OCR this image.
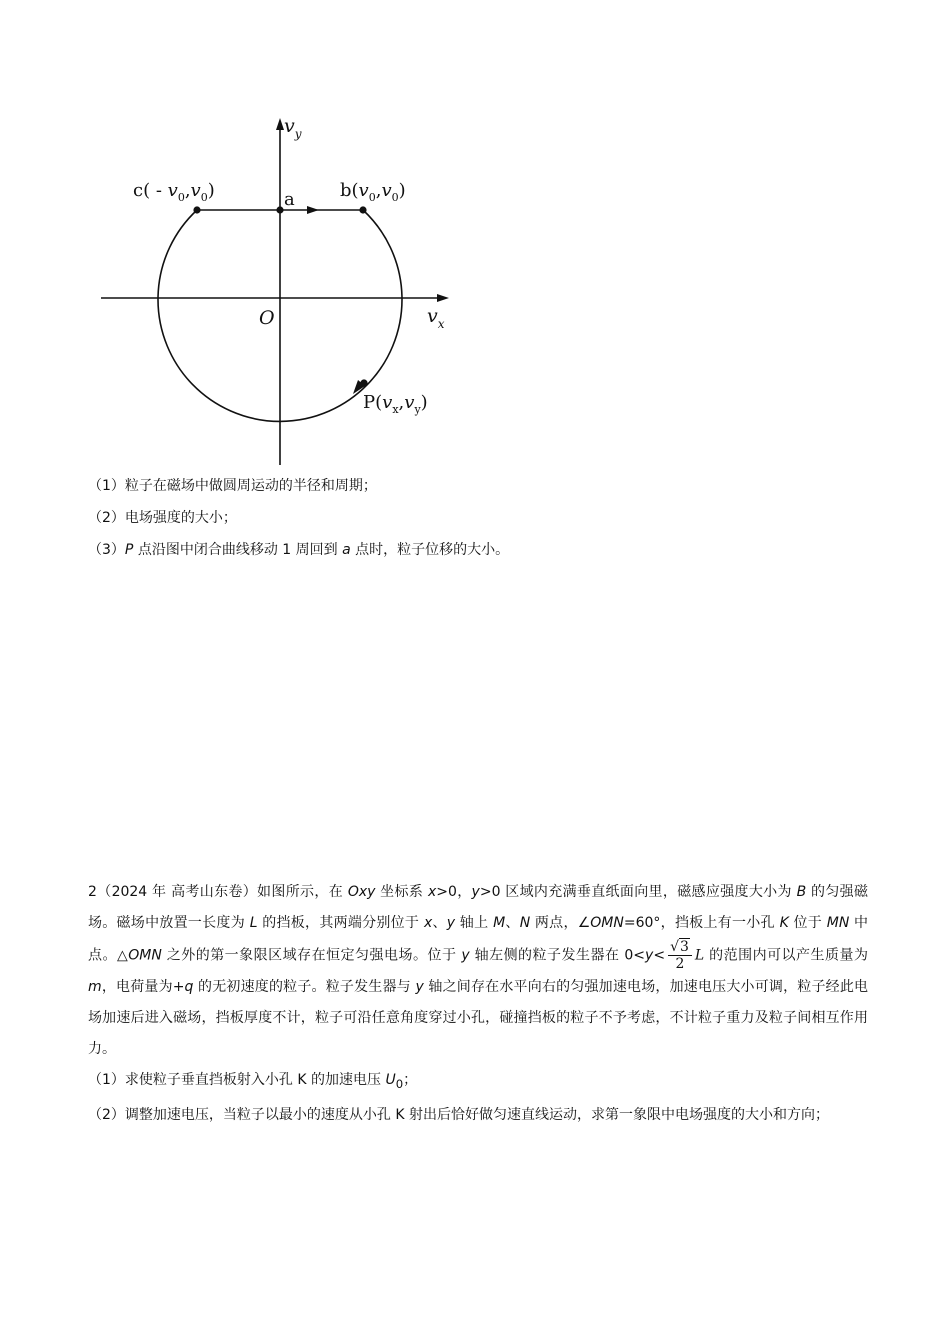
$v_y$
$v_x$
O
a	$b(v_0,v_0)$
$c( - v_0,v_0)$
$P(v_x,v_y)$
（1）粒子在磁场中做圆周运动的半径和周期；
（2）电场强度的大小；
（3）P 点沿图中闭合曲线移动 1 周回到 a 点时，粒子位移的大小。

2（2024 年 高考山东卷）如图所示，在 Oxy 坐标系 x>0，y>0 区域内充满垂直纸面向里，磁感应强度大小为 B 的匀强磁场。磁场中放置一长度为 L 的挡板，其两端分别位于 x、y 轴上 M、N 两点，∠OMN=60°，挡板上有一小孔 K 位于 MN 中点。△OMN 之外的第一象限区域存在恒定匀强电场。位于 y 轴左侧的粒子发生器在 $0<y< \frac{√3}{2}$ L 的范围内可以产生质量为 m，电荷量为+q 的无初速度的粒子。粒子发生器与 y 轴之间存在水平向右的匀强加速电场，加速电压大小可调，粒子经此电场加速后进入磁场，挡板厚度不计，粒子可沿任意角度穿过小孔，碰撞挡板的粒子不予考虑，不计粒子重力及粒子间相互作用力。

（1）求使粒子垂直挡板射入小孔 K 的加速电压 $U_0$；

（2）调整加速电压，当粒子以最小的速度从小孔 K 射出后恰好做匀速直线运动，求第一象限中电场强度的大小和方向；
